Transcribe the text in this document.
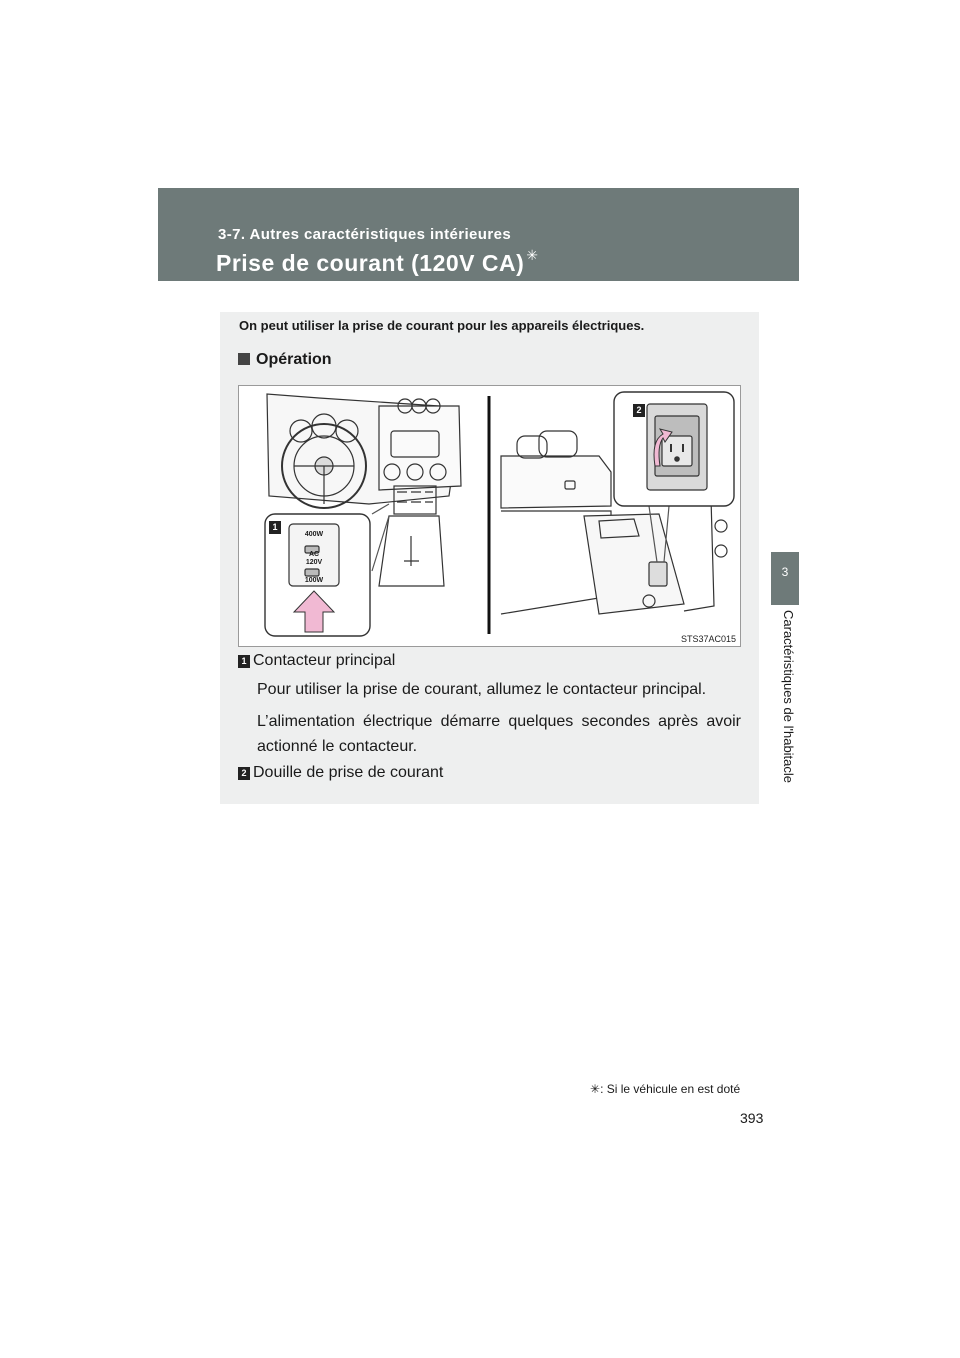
3-7. Autres caractéristiques intérieures
Prise de courant (120V CA) ✳
3
Caractéristiques de l'habitacle
On peut utiliser la prise de courant pour les appareils électriques.
Opération
1
2
400W
AC
120V
100W
STS37AC015
1 Contacteur principal
Pour utiliser la prise de courant, allumez le contacteur principal.
L’alimentation électrique démarre quelques secondes après avoir actionné le contacteur.
2 Douille de prise de courant
✳: Si le véhicule en est doté
393
